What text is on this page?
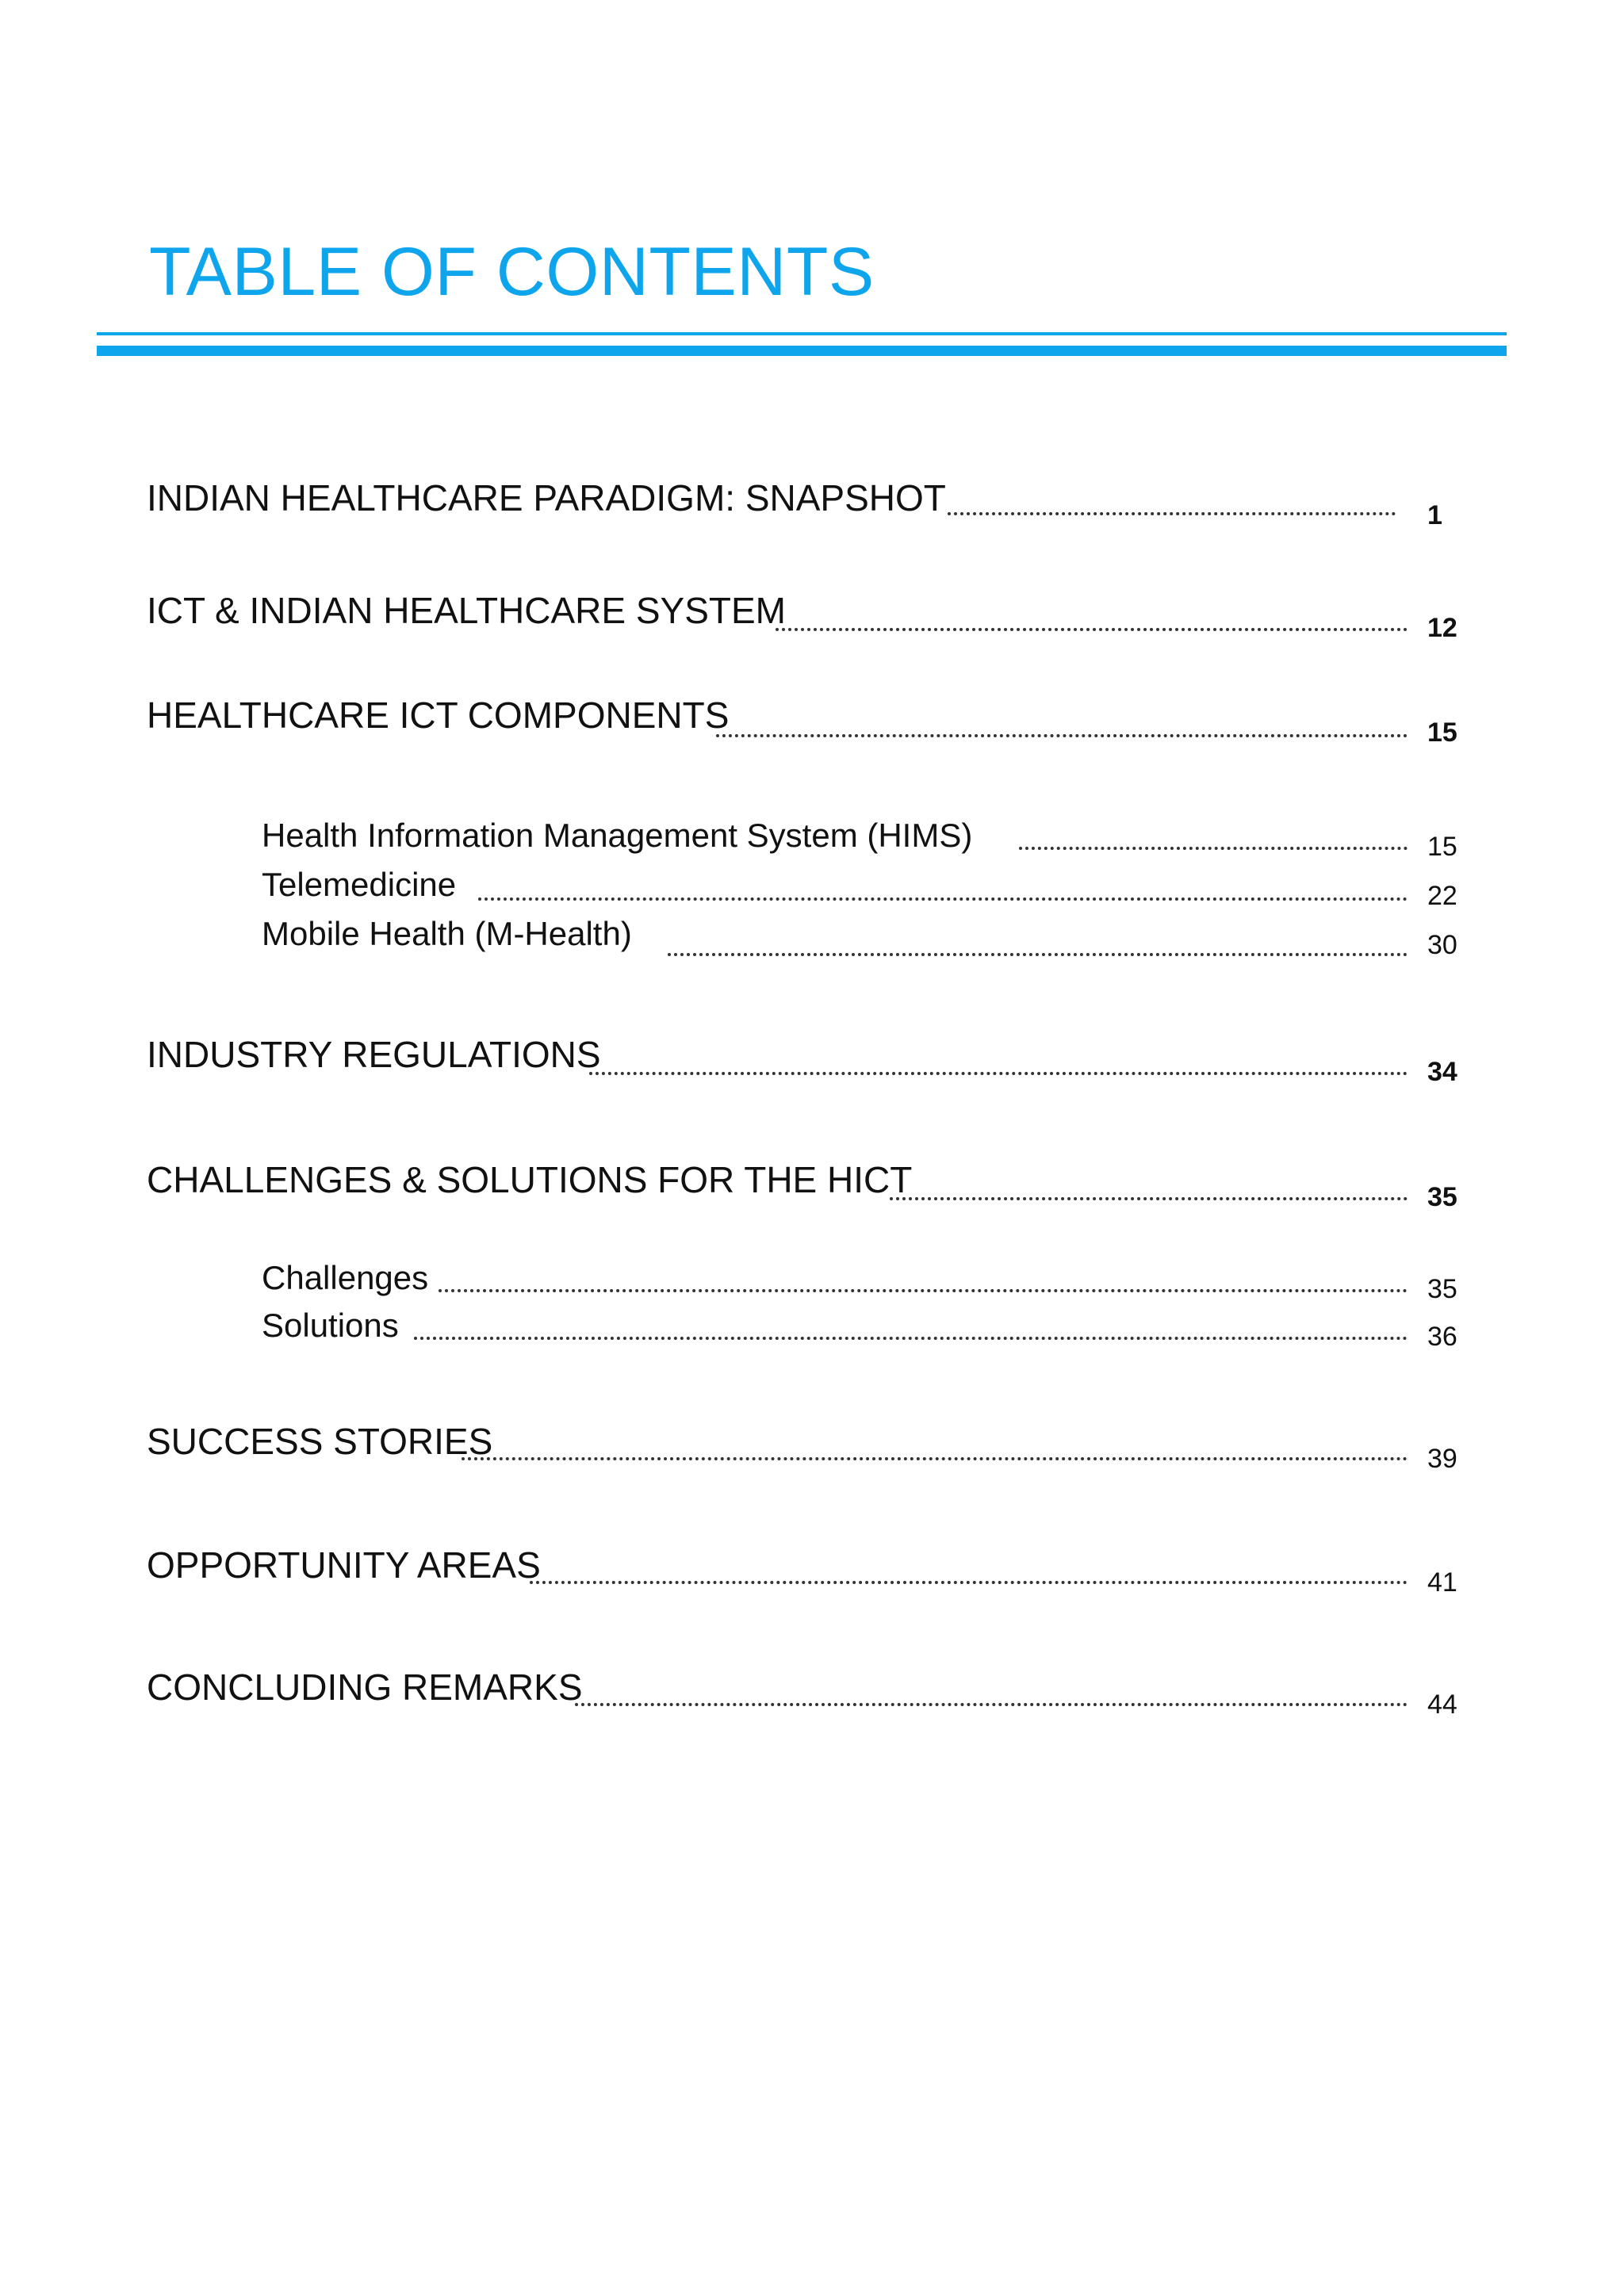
TABLE OF CONTENTS
INDIAN HEALTHCARE PARADIGM: SNAPSHOT	1
ICT & INDIAN HEALTHCARE SYSTEM	12
HEALTHCARE ICT COMPONENTS	15
Health Information Management System (HIMS)	15
Telemedicine	22
Mobile Health (M-Health)	30
INDUSTRY REGULATIONS	34
CHALLENGES & SOLUTIONS FOR THE HICT	35
Challenges	35
Solutions	36
SUCCESS STORIES	39
OPPORTUNITY AREAS	41
CONCLUDING REMARKS	44
